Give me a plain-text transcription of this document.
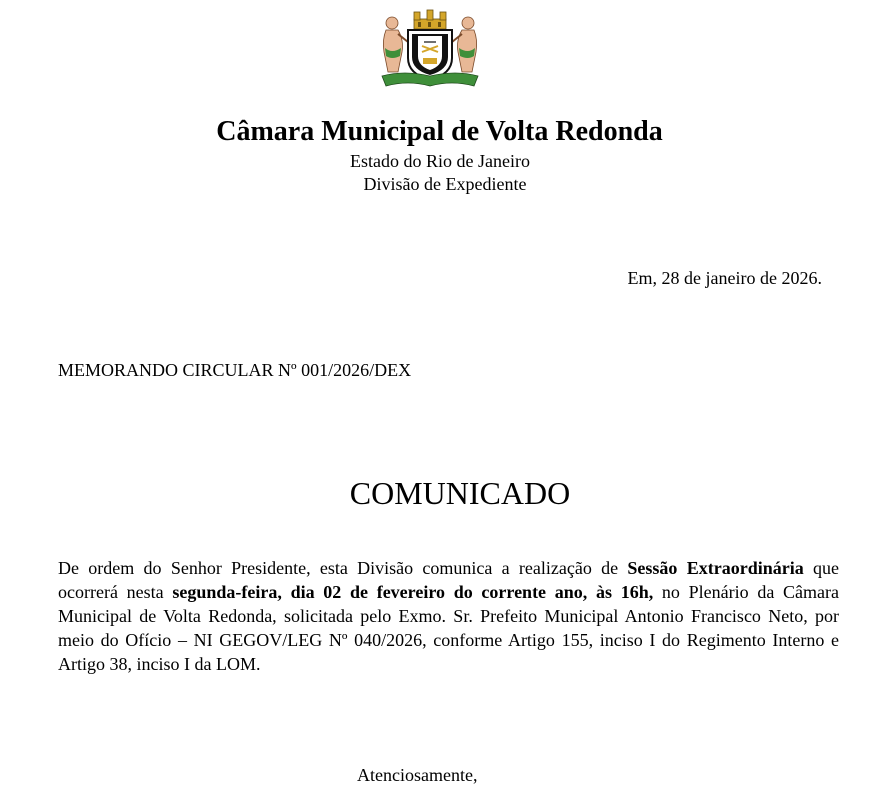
Câmara Municipal de Volta Redonda
Estado do Rio de Janeiro
Divisão de Expediente
Em, 28 de janeiro de 2026.
MEMORANDO CIRCULAR Nº 001/2026/DEX
COMUNICADO
De ordem do Senhor Presidente, esta Divisão comunica a realização de Sessão Extraordinária que ocorrerá nesta segunda-feira, dia 02 de fevereiro do corrente ano, às 16h, no Plenário da Câmara Municipal de Volta Redonda, solicitada pelo Exmo. Sr. Prefeito Municipal Antonio Francisco Neto, por meio do Ofício – NI GEGOV/LEG Nº 040/2026, conforme Artigo 155, inciso I do Regimento Interno e Artigo 38, inciso I da LOM.
Atenciosamente,
